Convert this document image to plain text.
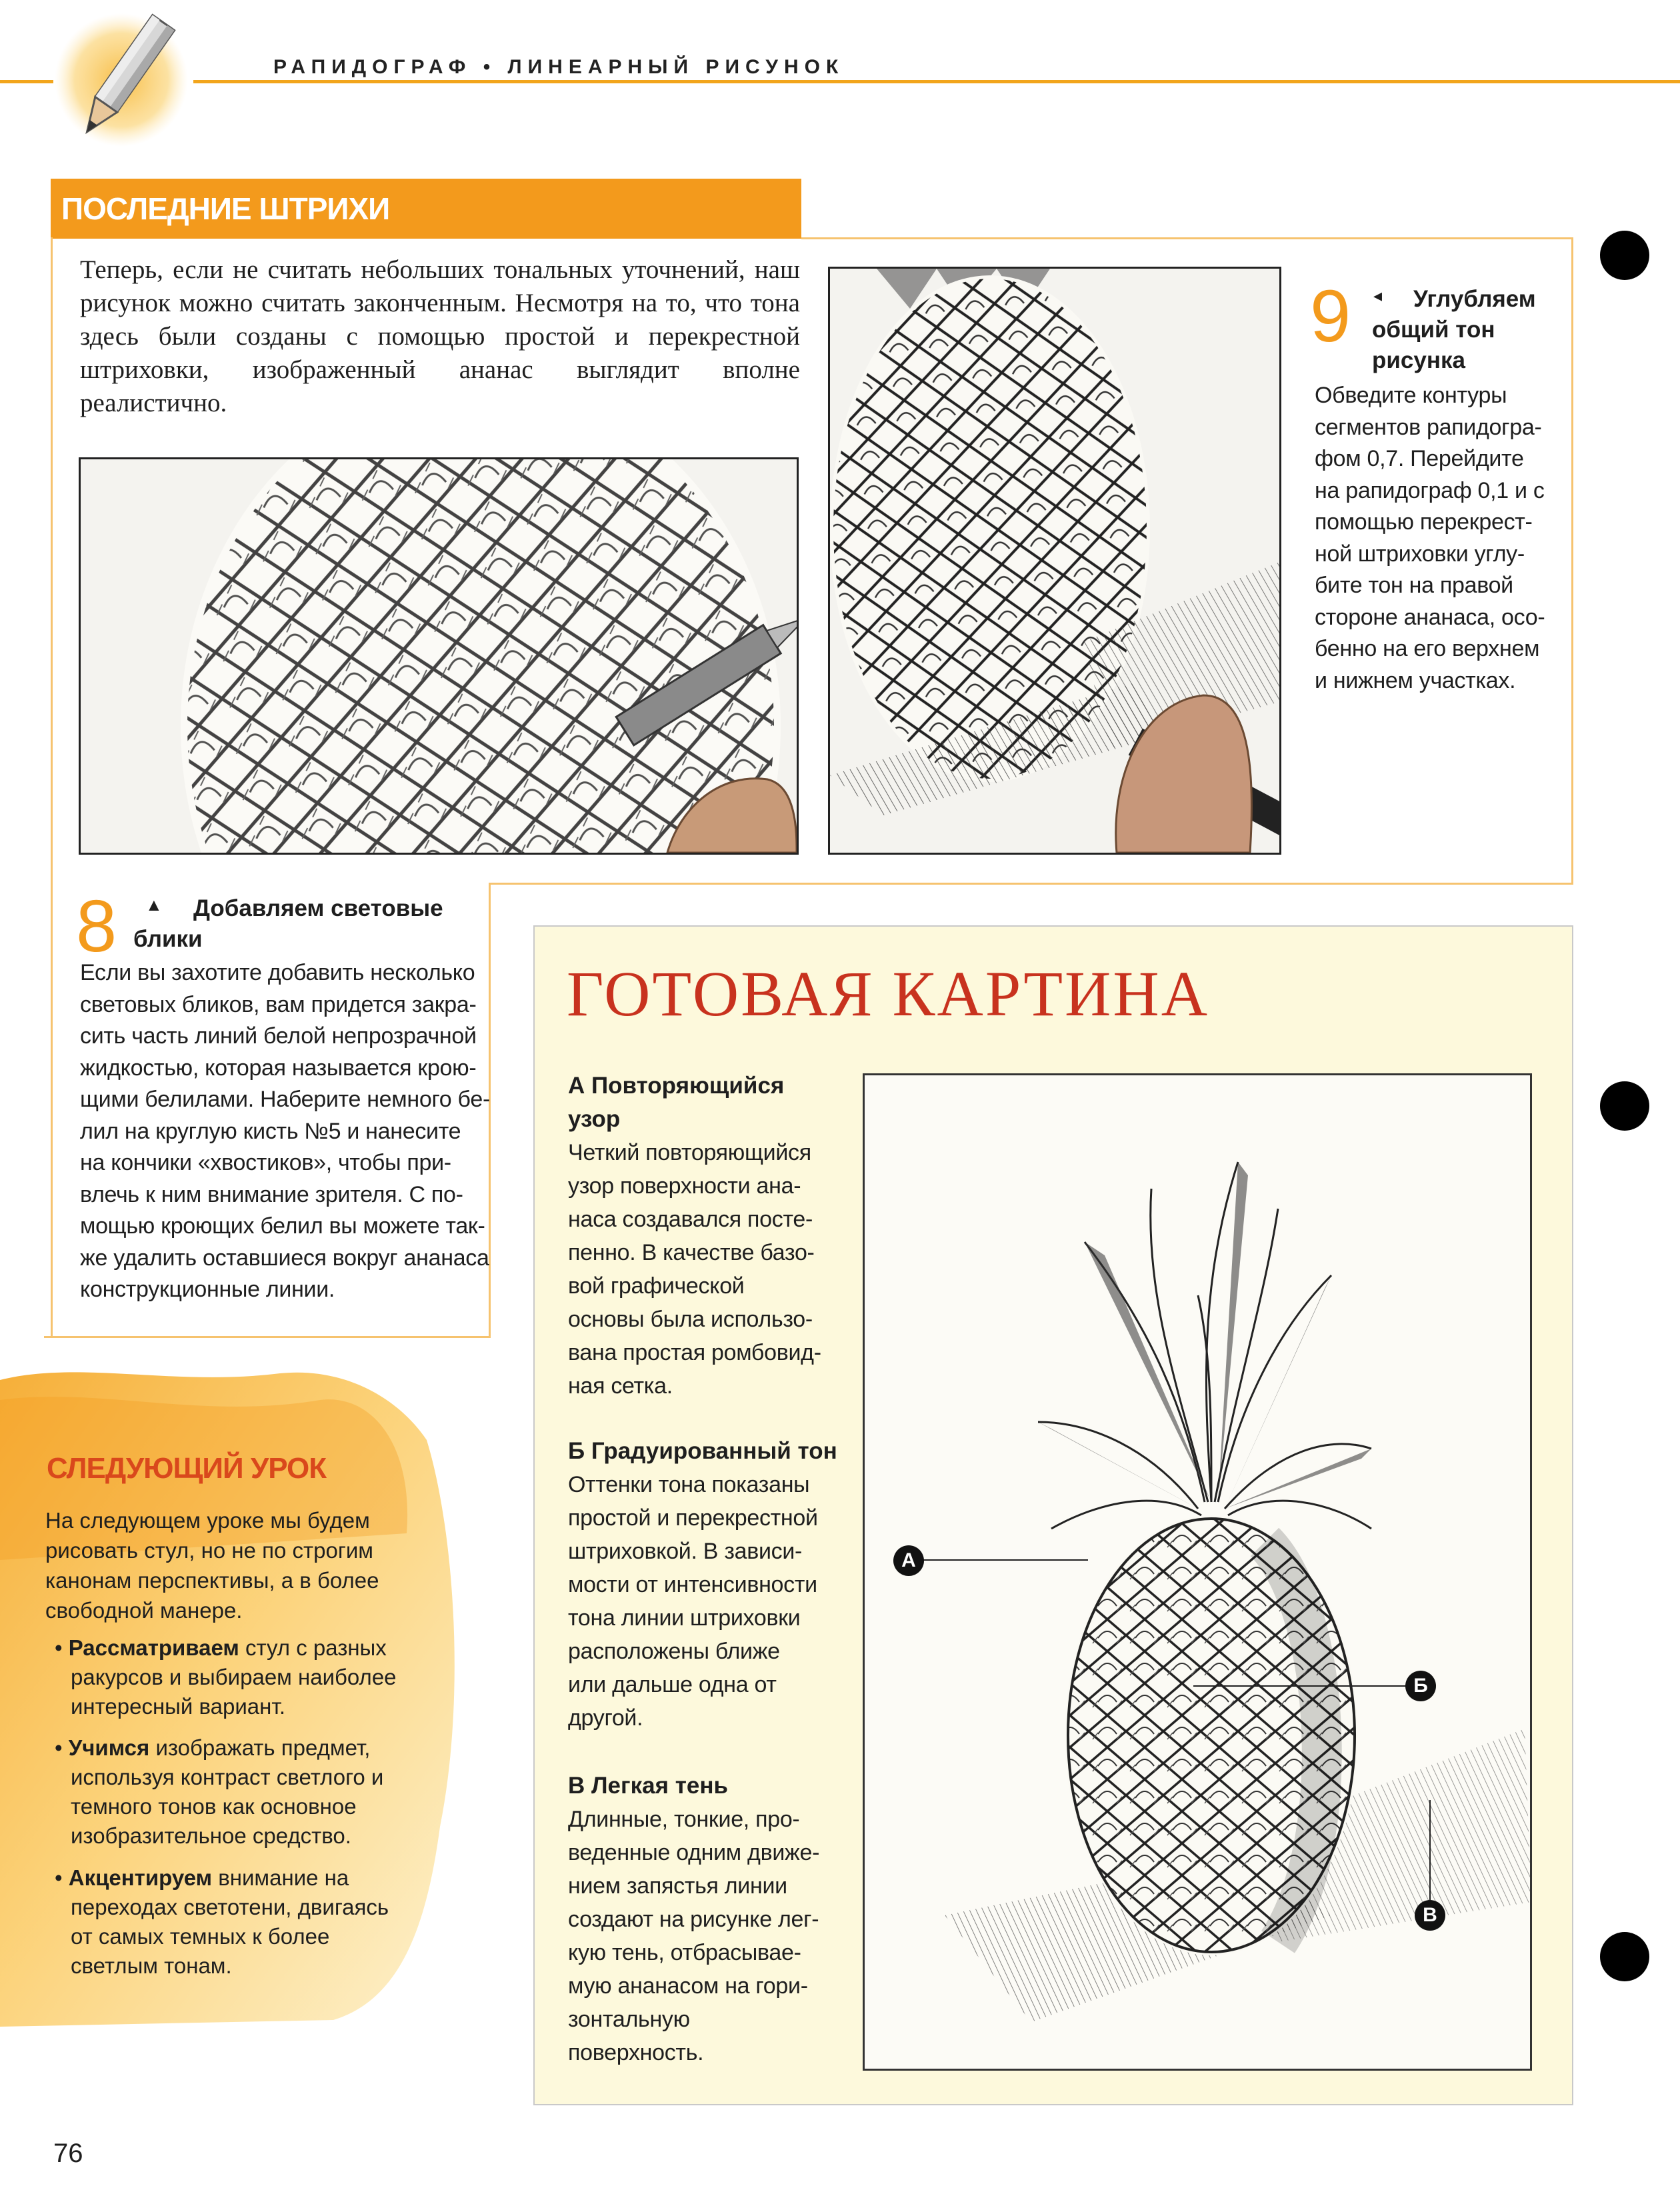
РАПИДОГРАФ • ЛИНЕАРНЫЙ РИСУНОК
ПОСЛЕДНИЕ ШТРИХИ
Теперь, если не считать небольших тональных уточнений, наш рисунок можно считать законченным. Несмотря на то, что тона здесь были созданы с помощью простой и перекрестной штриховки, изображенный ананас выглядит вполне реалистично.
9 ◂ Углубляем
общий тон
рисунка
Обведите контуры
сегментов рапидогра-
фом 0,7. Перейдите
на рапидограф 0,1 и с
помощью перекрест-
ной штриховки углу-
бите тон на правой
стороне ананаса, осо-
бенно на его верхнем
и нижнем участках.
8 ▲ Добавляем световые
блики
Если вы захотите добавить несколько
световых бликов, вам придется закра-
сить часть линий белой непрозрачной
жидкостью, которая называется крою-
щими белилами. Наберите немного бе-
лил на круглую кисть №5 и нанесите
на кончики «хвостиков», чтобы при-
влечь к ним внимание зрителя. С по-
мощью кроющих белил вы можете так-
же удалить оставшиеся вокруг ананаса
конструкционные линии.
СЛЕДУЮЩИЙ УРОК
На следующем уроке мы будем рисовать стул, но не по строгим канонам перспективы, а в более свободной манере.
• Рассматриваем стул с разных
ракурсов и выбираем наиболее
интересный вариант.
• Учимся изображать предмет,
используя контраст светлого и
темного тонов как основное
изобразительное средство.
• Акцентируем внимание на
переходах светотени, двигаясь
от самых темных к более
светлым тонам.
ГОТОВАЯ КАРТИНА
А Повторяющийся
узор
Четкий повторяющийся
узор поверхности ана-
наса создавался посте-
пенно. В качестве базо-
вой графической
основы была использо-
вана простая ромбовид-
ная сетка.
Б Градуированный тон
Оттенки тона показаны
простой и перекрестной
штриховкой. В зависи-
мости от интенсивности
тона линии штриховки
расположены ближе
или дальше одна от
другой.
В Легкая тень
Длинные, тонкие, про-
веденные одним движе-
нием запястья линии
создают на рисунке лег-
кую тень, отбрасывае-
мую ананасом на гори-
зонтальную
поверхность.
А
Б
В
76
